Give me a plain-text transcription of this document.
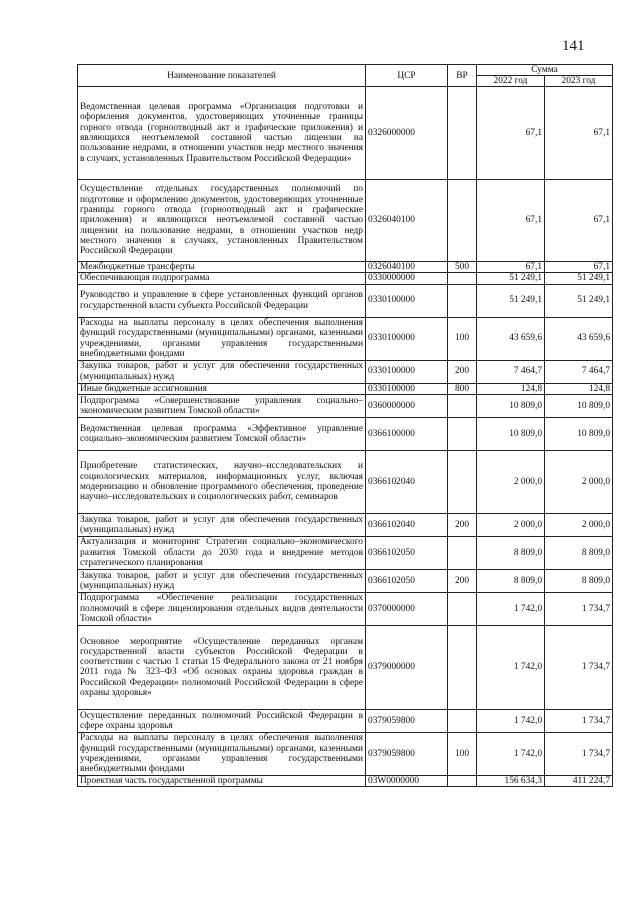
141
Наименование показателей	ЦСР	ВР	Сумма	
			2022 год	2023 год
Ведомственная целевая программа «Организация подготовки и оформления документов, удостоверяющих уточненные границы горного отвода (горноотводный акт и графические приложения) и являющихся неотъемлемой составной частью лицензии на пользование недрами, в отношении участков недр местного значения в случаях, установленных Правительством Российской Федерации»	0326000000		67,1	67,1
Осуществление отдельных государственных полномочий по подготовке и оформлению документов, удостоверяющих уточненные границы горного отвода (горноотводный акт и графические приложения) и являющихся неотъемлемой составной частью лицензии на пользование недрами, в отношении участков недр местного значения в случаях, установленных Правительством Российской Федерации	0326040100		67,1	67,1
Межбюджетные трансферты	0326040100	500	67,1	67,1
Обеспечивающая подпрограмма	0330000000		51 249,1	51 249,1
Руководство и управление в сфере установленных функций органов государственной власти субъекта Российской Федерации	0330100000		51 249,1	51 249,1
Расходы на выплаты персоналу в целях обеспечения выполнения функций государственными (муниципальными) органами, казенными учреждениями, органами управления государственными внебюджетными фондами	0330100000	100	43 659,6	43 659,6
Закупка товаров, работ и услуг для обеспечения государственных (муниципальных) нужд	0330100000	200	7 464,7	7 464,7
Иные бюджетные ассигнования	0330100000	800	124,8	124,8
Подпрограмма «Совершенствование управления социально–экономическим развитием Томской области»	0360000000		10 809,0	10 809,0
Ведомственная целевая программа «Эффективное управление социально–экономическим развитием Томской области»	0366100000		10 809,0	10 809,0
Приобретение статистических, научно–исследовательских и социологических материалов, информационных услуг, включая модернизацию и обновление программного обеспечения, проведение научно–исследовательских и социологических работ, семинаров	0366102040		2 000,0	2 000,0
Закупка товаров, работ и услуг для обеспечения государственных (муниципальных) нужд	0366102040	200	2 000,0	2 000,0
Актуализация и мониторинг Стратегии социально–экономического развития Томской области до 2030 года и внедрение методов стратегического планирования	0366102050		8 809,0	8 809,0
Закупка товаров, работ и услуг для обеспечения государственных (муниципальных) нужд	0366102050	200	8 809,0	8 809,0
Подпрограмма «Обеспечение реализации государственных полномочий в сфере лицензирования отдельных видов деятельности Томской области»	0370000000		1 742,0	1 734,7
Основное мероприятие «Осуществление переданных органам государственной власти субъектов Российской Федерации в соответствии с частью 1 статьи 15 Федерального закона от 21 ноября 2011 года № 323–ФЗ «Об основах охраны здоровья граждан в Российской Федерации» полномочий Российской Федерации в сфере охраны здоровья»	0379000000		1 742,0	1 734,7
Осуществление переданных полномочий Российской Федерации в сфере охраны здоровья	0379059800		1 742,0	1 734,7
Расходы на выплаты персоналу в целях обеспечения выполнения функций государственными (муниципальными) органами, казенными учреждениями, органами управления государственными внебюджетными фондами	0379059800	100	1 742,0	1 734,7
Проектная часть государственной программы	03W0000000		156 634,3	411 224,7
